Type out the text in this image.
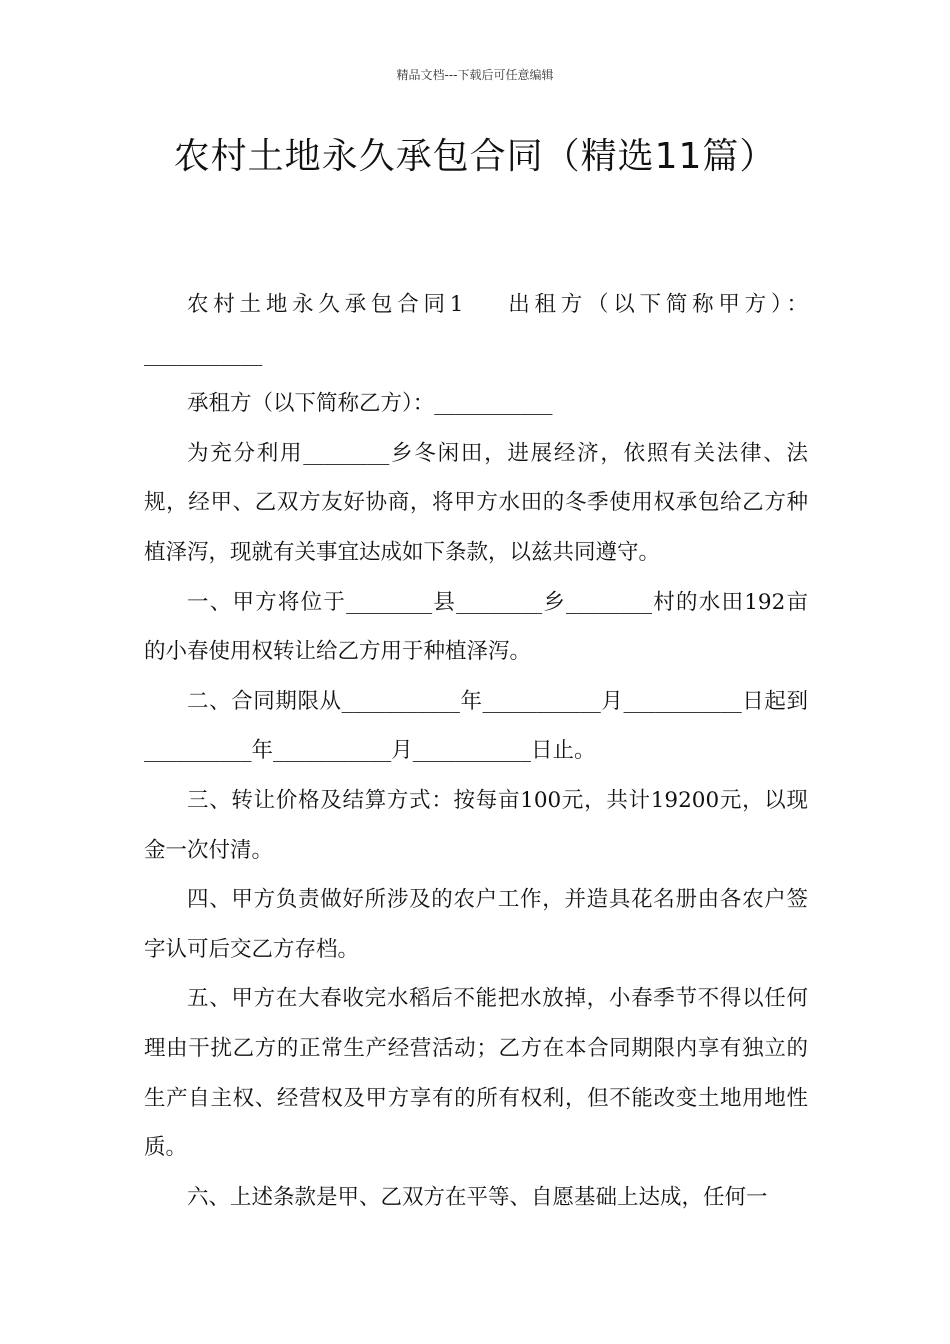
精品文档---下载后可任意编辑
农村土地永久承包合同（精选11篇）

农村土地永久承包合同1 出租方（以下简称甲方）：___________

承租方（以下简称乙方）：___________

为充分利用________乡冬闲田，进展经济，依照有关法律、法规，经甲、乙双方友好协商，将甲方水田的冬季使用权承包给乙方种植泽泻，现就有关事宜达成如下条款，以兹共同遵守。

一、甲方将位于________县________乡________村的水田192亩的小春使用权转让给乙方用于种植泽泻。

二、合同期限从___________年___________月___________日起到__________年___________月___________日止。

三、转让价格及结算方式：按每亩100元，共计19200元，以现金一次付清。

四、甲方负责做好所涉及的农户工作，并造具花名册由各农户签字认可后交乙方存档。

五、甲方在大春收完水稻后不能把水放掉，小春季节不得以任何理由干扰乙方的正常生产经营活动；乙方在本合同期限内享有独立的生产自主权、经营权及甲方享有的所有权利，但不能改变土地用地性质。

六、上述条款是甲、乙双方在平等、自愿基础上达成，任何一
